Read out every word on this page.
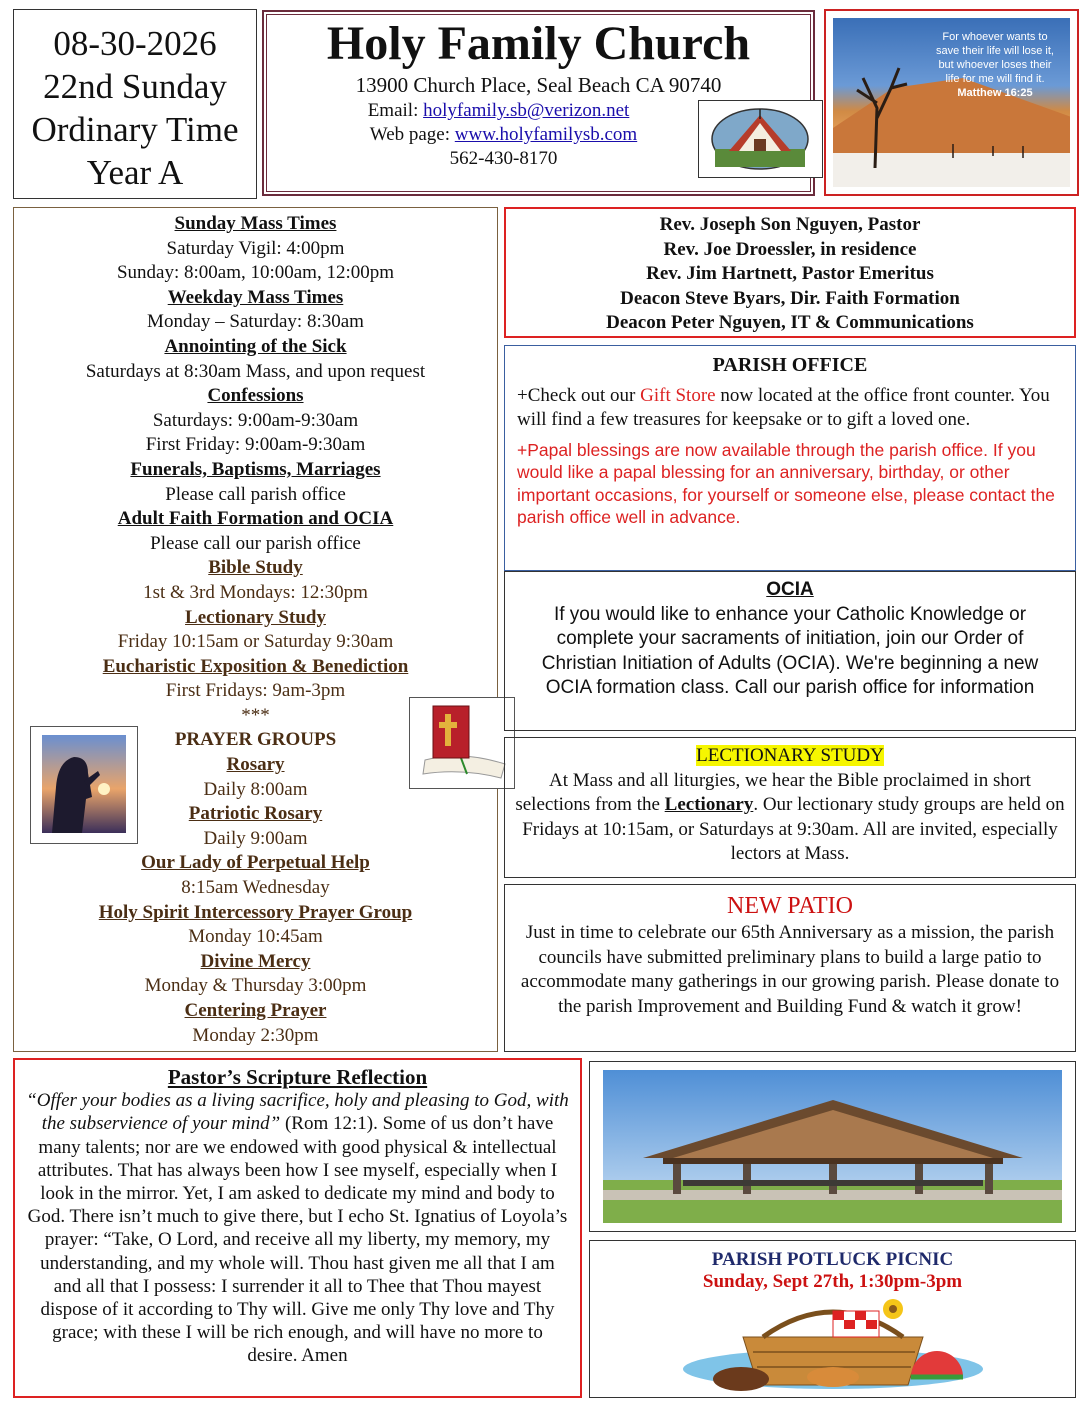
08-30-2026
22nd Sunday
Ordinary Time
Year A
Holy Family Church
13900 Church Place, Seal Beach CA 90740
Email: holyfamily.sb@verizon.net
Web page: www.holyfamilysb.com
562-430-8170
For whoever wants to save their life will lose it, but whoever loses their life for me will find it.
Matthew 16:25
Sunday Mass Times
Saturday Vigil: 4:00pm
Sunday: 8:00am, 10:00am, 12:00pm
Weekday Mass Times
Monday – Saturday: 8:30am
Annointing of the Sick
Saturdays at 8:30am Mass, and upon request
Confessions
Saturdays: 9:00am-9:30am
First Friday: 9:00am-9:30am
Funerals, Baptisms, Marriages
Please call parish office
Adult Faith Formation and OCIA
Please call our parish office
Bible Study
1st & 3rd Mondays: 12:30pm
Lectionary Study
Friday 10:15am or Saturday 9:30am
Eucharistic Exposition & Benediction
First Fridays: 9am-3pm
***
PRAYER GROUPS
Rosary
Daily 8:00am
Patriotic Rosary
Daily 9:00am
Our Lady of Perpetual Help
8:15am Wednesday
Holy Spirit Intercessory Prayer Group
Monday 10:45am
Divine Mercy
Monday & Thursday 3:00pm
Centering Prayer
Monday 2:30pm
Rev. Joseph Son Nguyen, Pastor
Rev. Joe Droessler, in residence
Rev. Jim Hartnett, Pastor Emeritus
Deacon Steve Byars, Dir. Faith Formation
Deacon Peter Nguyen, IT & Communications
PARISH OFFICE
+Check out our Gift Store now located at the office front counter. You will find a few treasures for keepsake or to gift a loved one.
+Papal blessings are now available through the parish office. If you would like a papal blessing for an anniversary, birthday, or other important occasions, for yourself or someone else, please contact the parish office well in advance.
OCIA
If you would like to enhance your Catholic Knowledge or complete your sacraments of initiation, join our Order of Christian Initiation of Adults (OCIA). We're beginning a new OCIA formation class. Call our parish office for information
LECTIONARY STUDY
At Mass and all liturgies, we hear the Bible proclaimed in short selections from the Lectionary. Our lectionary study groups are held on Fridays at 10:15am, or Saturdays at 9:30am. All are invited, especially lectors at Mass.
NEW PATIO
Just in time to celebrate our 65th Anniversary as a mission, the parish councils have submitted preliminary plans to build a large patio to accommodate many gatherings in our growing parish. Please donate to the parish Improvement and Building Fund & watch it grow!
Pastor’s Scripture Reflection
“Offer your bodies as a living sacrifice, holy and pleasing to God, with the subservience of your mind” (Rom 12:1). Some of us don’t have many talents; nor are we endowed with good physical & intellectual attributes. That has always been how I see myself, especially when I look in the mirror. Yet, I am asked to dedicate my mind and body to God. There isn’t much to give there, but I echo St. Ignatius of Loyola’s prayer: “Take, O Lord, and receive all my liberty, my memory, my understanding, and my whole will. Thou hast given me all that I am and all that I possess: I surrender it all to Thee that Thou mayest dispose of it according to Thy will. Give me only Thy love and Thy grace; with these I will be rich enough, and will have no more to desire. Amen
PARISH POTLUCK PICNIC
Sunday, Sept 27th, 1:30pm-3pm
